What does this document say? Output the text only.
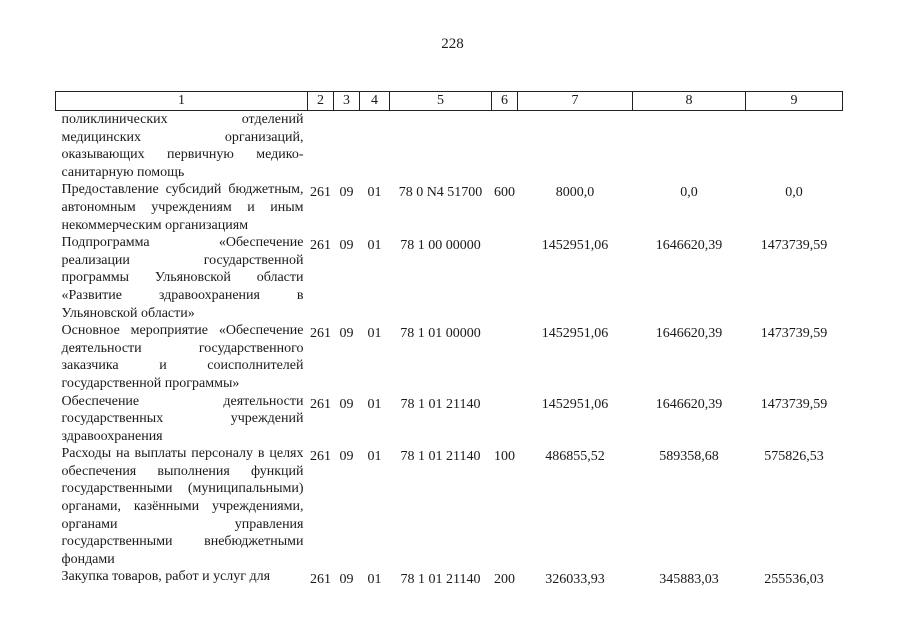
228
1	2	3	4	5	6	7	8	9
поликлинических отделений медицинских организаций, оказывающих первичную медико-санитарную помощь								
Предоставление субсидий бюджетным, автономным учреждениям и иным некоммерческим организациям	261	09	01	78 0 N4 51700	600	8000,0	0,0	0,0
Подпрограмма «Обеспечение реализации государственной программы Ульяновской области «Развитие здравоохранения в Ульяновской области»	261	09	01	78 1 00 00000		1452951,06	1646620,39	1473739,59
Основное мероприятие «Обеспечение деятельности государственного заказчика и соисполнителей государственной программы»	261	09	01	78 1 01 00000		1452951,06	1646620,39	1473739,59
Обеспечение деятельности государственных учреждений здравоохранения	261	09	01	78 1 01 21140		1452951,06	1646620,39	1473739,59
Расходы на выплаты персоналу в целях обеспечения выполнения функций государственными (муниципальными) органами, казёнными учреждениями, органами управления государственными внебюджетными фондами	261	09	01	78 1 01 21140	100	486855,52	589358,68	575826,53
Закупка товаров, работ и услуг для	261	09	01	78 1 01 21140	200	326033,93	345883,03	255536,03
